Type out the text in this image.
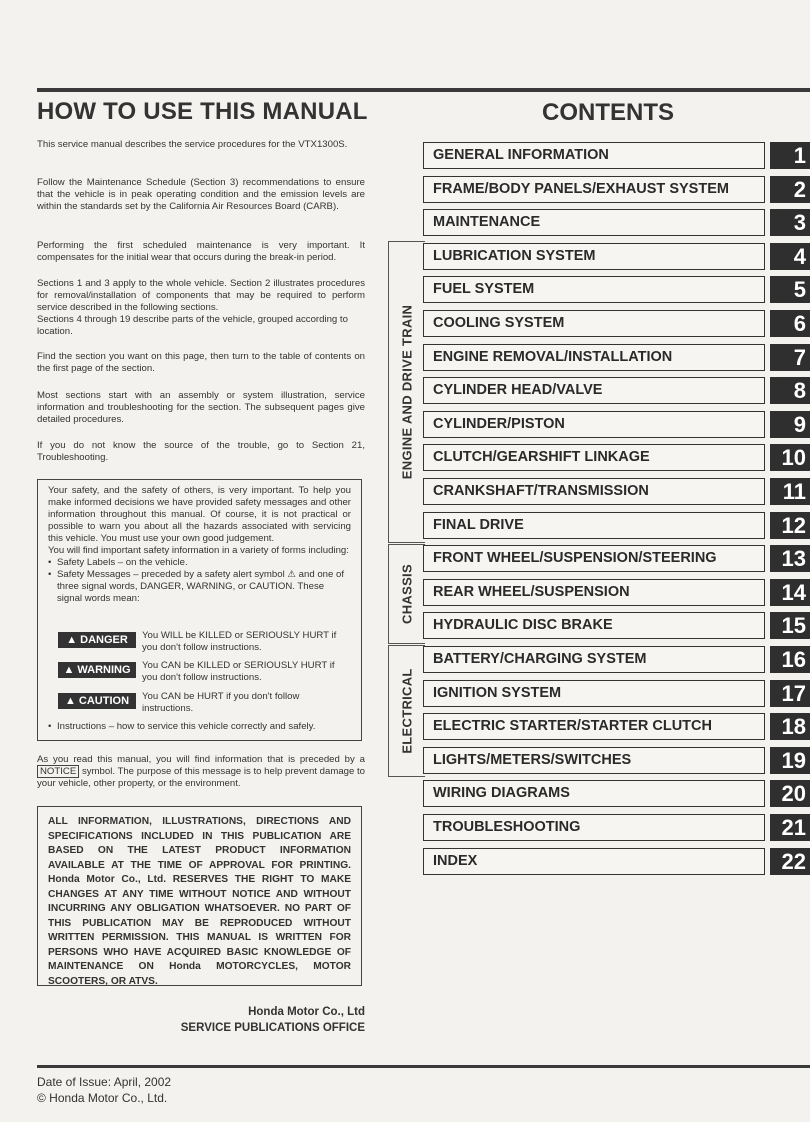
HOW TO USE THIS MANUAL	CONTENTS

This service manual describes the service procedures for the VTX1300S.

Follow the Maintenance Schedule (Section 3) recommendations to ensure that the vehicle is in peak operating condition and the emission levels are within the standards set by the California Air Resources Board (CARB).

Performing the first scheduled maintenance is very important. It compensates for the initial wear that occurs during the break-in period.

Sections 1 and 3 apply to the whole vehicle. Section 2 illustrates procedures for removal/installation of components that may be required to perform service described in the following sections.

Sections 4 through 19 describe parts of the vehicle, grouped according to location.

Find the section you want on this page, then turn to the table of contents on the first page of the section.

Most sections start with an assembly or system illustration, service information and troubleshooting for the section. The subsequent pages give detailed procedures.

If you do not know the source of the trouble, go to Section 21, Troubleshooting.

Your safety, and the safety of others, is very important. To help you make informed decisions we have provided safety messages and other information throughout this manual. Of course, it is not practical or possible to warn you about all the hazards associated with servicing this vehicle. You must use your own good judgement.

You will find important safety information in a variety of forms including:

• Safety Labels – on the vehicle.
• Safety Messages – preceded by a safety alert symbol ⚠ and one of three signal words, DANGER, WARNING, or CAUTION. These signal words mean:
▲ DANGER	You WILL be KILLED or SERIOUSLY HURT if you don't follow instructions.
▲ WARNING	You CAN be KILLED or SERIOUSLY HURT if you don't follow instructions.
▲ CAUTION	You CAN be HURT if you don't follow instructions.
• Instructions – how to service this vehicle correctly and safely.

As you read this manual, you will find information that is preceded by a NOTICE symbol. The purpose of this message is to help prevent damage to your vehicle, other property, or the environment.

ALL INFORMATION, ILLUSTRATIONS, DIRECTIONS AND SPECIFICATIONS INCLUDED IN THIS PUBLICATION ARE BASED ON THE LATEST PRODUCT INFORMATION AVAILABLE AT THE TIME OF APPROVAL FOR PRINTING. Honda Motor Co., Ltd. RESERVES THE RIGHT TO MAKE CHANGES AT ANY TIME WITHOUT NOTICE AND WITHOUT INCURRING ANY OBLIGATION WHATSOEVER. NO PART OF THIS PUBLICATION MAY BE REPRODUCED WITHOUT WRITTEN PERMISSION. THIS MANUAL IS WRITTEN FOR PERSONS WHO HAVE ACQUIRED BASIC KNOWLEDGE OF MAINTENANCE ON Honda MOTORCYCLES, MOTOR SCOOTERS, OR ATVS.

Honda Motor Co., Ltd
SERVICE PUBLICATIONS OFFICE
ENGINE AND DRIVE TRAIN
CHASSIS
ELECTRICAL
GENERAL INFORMATION	1
FRAME/BODY PANELS/EXHAUST SYSTEM	2
MAINTENANCE	3
LUBRICATION SYSTEM	4
FUEL SYSTEM	5
COOLING SYSTEM	6
ENGINE REMOVAL/INSTALLATION	7
CYLINDER HEAD/VALVE	8
CYLINDER/PISTON	9
CLUTCH/GEARSHIFT LINKAGE	10
CRANKSHAFT/TRANSMISSION	11
FINAL DRIVE	12
FRONT WHEEL/SUSPENSION/STEERING	13
REAR WHEEL/SUSPENSION	14
HYDRAULIC DISC BRAKE	15
BATTERY/CHARGING SYSTEM	16
IGNITION SYSTEM	17
ELECTRIC STARTER/STARTER CLUTCH	18
LIGHTS/METERS/SWITCHES	19
WIRING DIAGRAMS	20
TROUBLESHOOTING	21
INDEX	22
Date of Issue: April, 2002
© Honda Motor Co., Ltd.
